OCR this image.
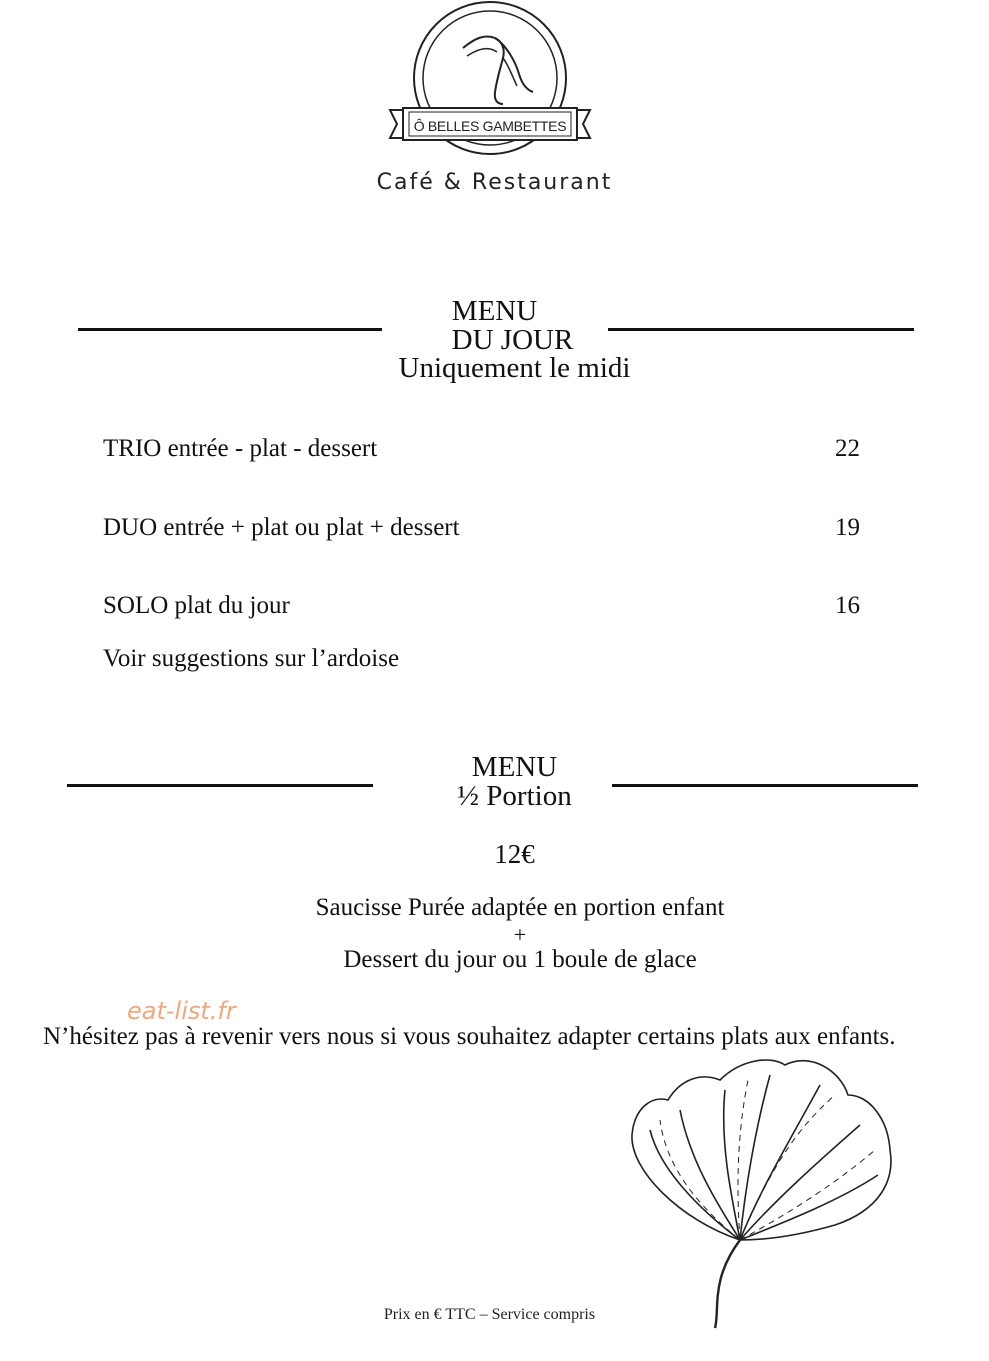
Ô BELLES GAMBETTES
Café & Restaurant
MENU
DU JOUR
Uniquement le midi
TRIO entrée - plat - dessert	22
DUO entrée + plat ou plat + dessert	19
SOLO plat du jour	16
Voir suggestions sur l’ardoise
MENU
½ Portion
12€
Saucisse Purée adaptée en portion enfant
+
Dessert du jour ou 1 boule de glace
eat-list.fr
N’hésitez pas à revenir vers nous si vous souhaitez adapter certains plats aux enfants.
Prix en € TTC – Service compris
